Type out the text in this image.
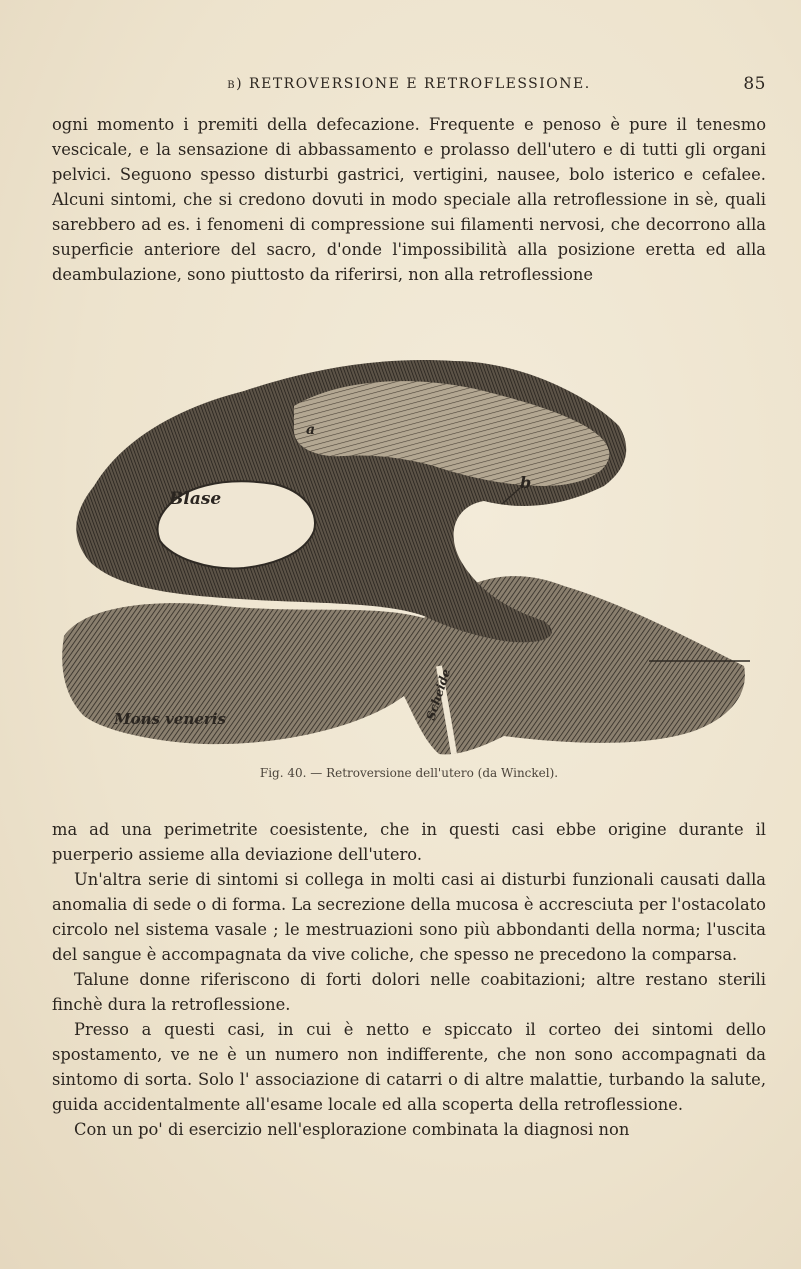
β) RETROVERSIONE E RETROFLESSIONE.	85

ogni momento i premiti della defecazione. Frequente e penoso è pure il tenesmo vescicale, e la sensazione di abbassamento e prolasso dell'utero e di tutti gli organi pelvici. Seguono spesso disturbi gastrici, vertigini, nausee, bolo isterico e cefalee. Alcuni sintomi, che si credono dovuti in modo speciale alla retroflessione in sè, quali sarebbero ad es. i fenomeni di compressione sui filamenti nervosi, che decorrono alla superficie anteriore del sacro, d'onde l'impossibilità alla posizione eretta ed alla deambulazione, sono piuttosto da riferirsi, non alla retroflessione

Blase
a
b
Scheide
Mons veneris
Fig. 40. — Retroversione dell'utero (da Winckel).

ma ad una perimetrite coesistente, che in questi casi ebbe origine durante il puerperio assieme alla deviazione dell'utero.

Un'altra serie di sintomi si collega in molti casi ai disturbi funzionali causati dalla anomalia di sede o di forma. La secrezione della mucosa è accresciuta per l'ostacolato circolo nel sistema vasale ; le mestruazioni sono più abbondanti della norma; l'uscita del sangue è accompagnata da vive coliche, che spesso ne precedono la comparsa.

Talune donne riferiscono di forti dolori nelle coabitazioni; altre restano sterili finchè dura la retroflessione.

Presso a questi casi, in cui è netto e spiccato il corteo dei sintomi dello spostamento, ve ne è un numero non indifferente, che non sono accompagnati da sintomo di sorta. Solo l' associazione di catarri o di altre malattie, turbando la salute, guida accidentalmente all'esame locale ed alla scoperta della retroflessione.

Con un po' di esercizio nell'esplorazione combinata la diagnosi non
